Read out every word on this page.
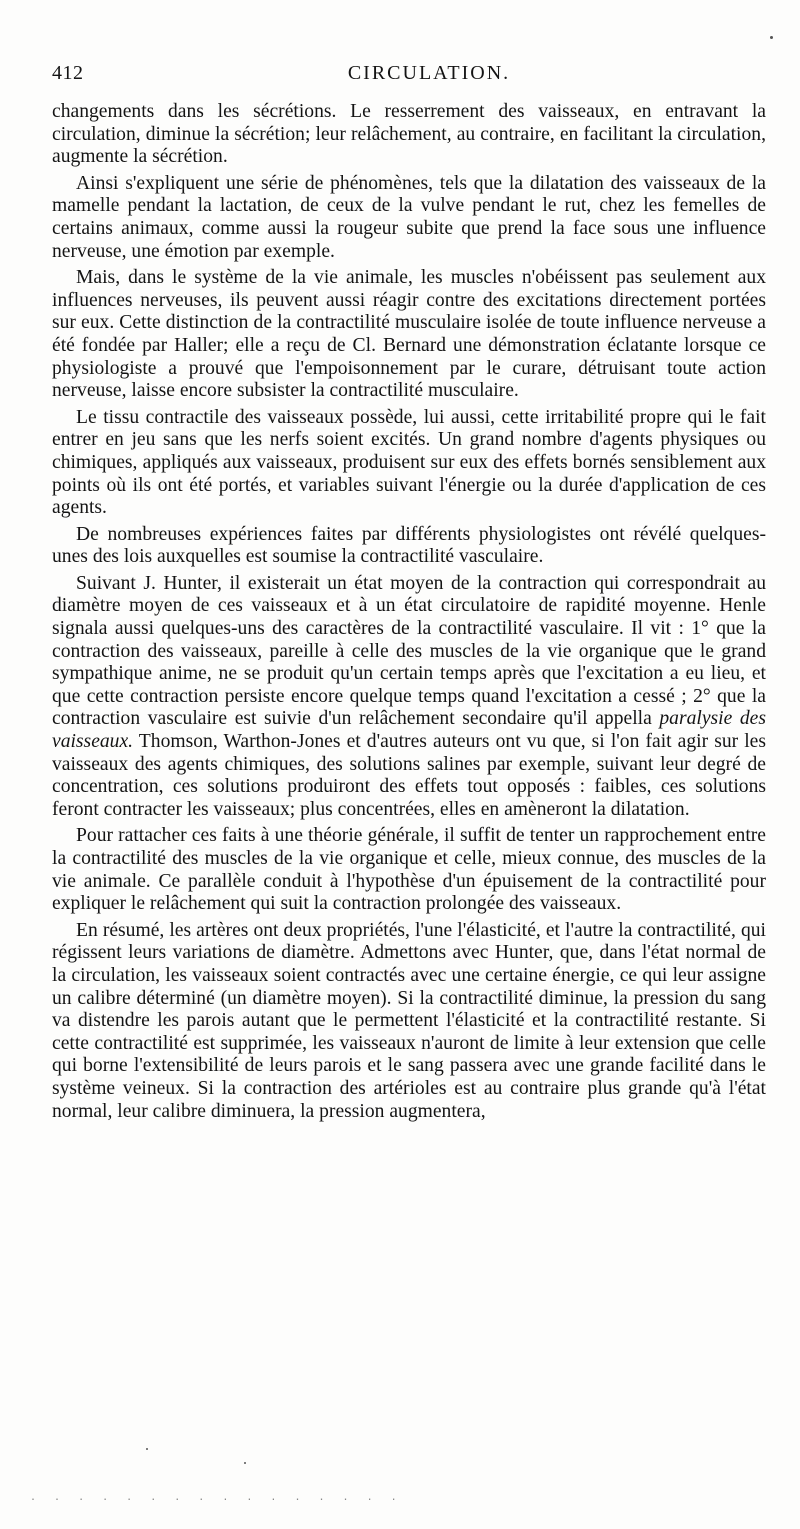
412	CIRCULATION.

changements dans les sécrétions. Le resserrement des vaisseaux, en entravant la circulation, diminue la sécrétion; leur relâchement, au contraire, en facilitant la circulation, augmente la sécrétion.

Ainsi s'expliquent une série de phénomènes, tels que la dilatation des vaisseaux de la mamelle pendant la lactation, de ceux de la vulve pendant le rut, chez les femelles de certains animaux, comme aussi la rougeur subite que prend la face sous une influence nerveuse, une émotion par exemple.

Mais, dans le système de la vie animale, les muscles n'obéissent pas seulement aux influences nerveuses, ils peuvent aussi réagir contre des excitations directement portées sur eux. Cette distinction de la contractilité musculaire isolée de toute influence nerveuse a été fondée par Haller; elle a reçu de Cl. Bernard une démonstration éclatante lorsque ce physiologiste a prouvé que l'empoisonnement par le curare, détruisant toute action nerveuse, laisse encore subsister la contractilité musculaire.

Le tissu contractile des vaisseaux possède, lui aussi, cette irritabilité propre qui le fait entrer en jeu sans que les nerfs soient excités. Un grand nombre d'agents physiques ou chimiques, appliqués aux vaisseaux, produisent sur eux des effets bornés sensiblement aux points où ils ont été portés, et variables suivant l'énergie ou la durée d'application de ces agents.

De nombreuses expériences faites par différents physiologistes ont révélé quelques-unes des lois auxquelles est soumise la contractilité vasculaire.

Suivant J. Hunter, il existerait un état moyen de la contraction qui correspondrait au diamètre moyen de ces vaisseaux et à un état circulatoire de rapidité moyenne. Henle signala aussi quelques-uns des caractères de la contractilité vasculaire. Il vit : 1° que la contraction des vaisseaux, pareille à celle des muscles de la vie organique que le grand sympathique anime, ne se produit qu'un certain temps après que l'excitation a eu lieu, et que cette contraction persiste encore quelque temps quand l'excitation a cessé ; 2° que la contraction vasculaire est suivie d'un relâchement secondaire qu'il appella paralysie des vaisseaux. Thomson, Warthon-Jones et d'autres auteurs ont vu que, si l'on fait agir sur les vaisseaux des agents chimiques, des solutions salines par exemple, suivant leur degré de concentration, ces solutions produiront des effets tout opposés : faibles, ces solutions feront contracter les vaisseaux; plus concentrées, elles en amèneront la dilatation.

Pour rattacher ces faits à une théorie générale, il suffit de tenter un rapprochement entre la contractilité des muscles de la vie organique et celle, mieux connue, des muscles de la vie animale. Ce parallèle conduit à l'hypothèse d'un épuisement de la contractilité pour expliquer le relâchement qui suit la contraction prolongée des vaisseaux.

En résumé, les artères ont deux propriétés, l'une l'élasticité, et l'autre la contractilité, qui régissent leurs variations de diamètre. Admettons avec Hunter, que, dans l'état normal de la circulation, les vaisseaux soient contractés avec une certaine énergie, ce qui leur assigne un calibre déterminé (un diamètre moyen). Si la contractilité diminue, la pression du sang va distendre les parois autant que le permettent l'élasticité et la contractilité restante. Si cette contractilité est supprimée, les vaisseaux n'auront de limite à leur extension que celle qui borne l'extensibilité de leurs parois et le sang passera avec une grande facilité dans le système veineux. Si la contraction des artérioles est au contraire plus grande qu'à l'état normal, leur calibre diminuera, la pression augmentera,

. . . . . . . . . . . . . . . .
